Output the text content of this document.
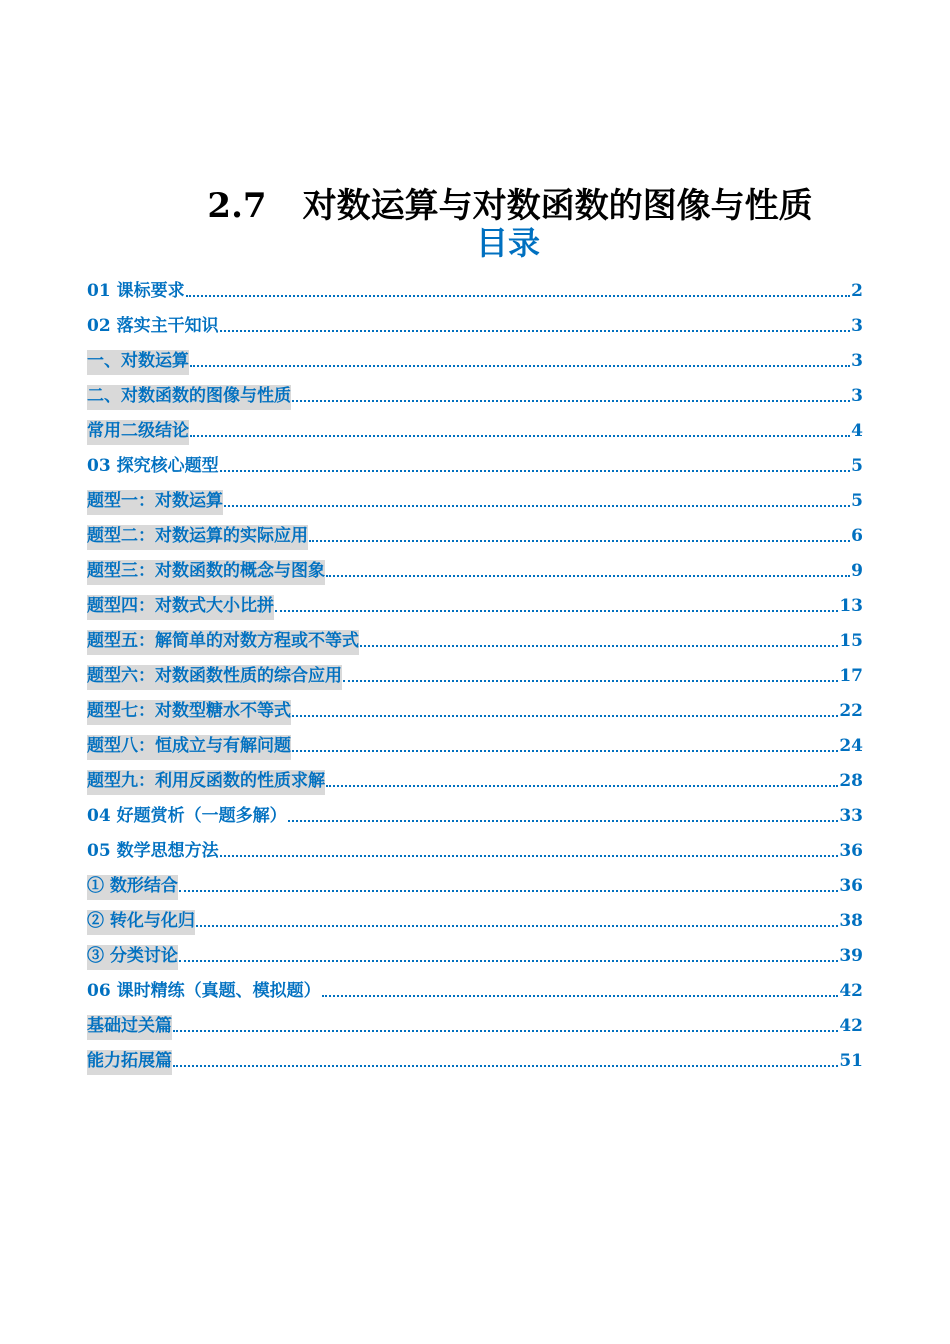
2.7 对数运算与对数函数的图像与性质
目录
01 课标要求	2
02 落实主干知识	3
一、对数运算	3
二、对数函数的图像与性质	3
常用二级结论	4
03 探究核心题型	5
题型一：对数运算	5
题型二：对数运算的实际应用	6
题型三：对数函数的概念与图象	9
题型四：对数式大小比拼	13
题型五：解简单的对数方程或不等式	15
题型六：对数函数性质的综合应用	17
题型七：对数型糖水不等式	22
题型八：恒成立与有解问题	24
题型九：利用反函数的性质求解	28
04 好题赏析（一题多解）	33
05 数学思想方法	36
① 数形结合	36
② 转化与化归	38
③ 分类讨论	39
06 课时精练（真题、模拟题）	42
基础过关篇	42
能力拓展篇	51
